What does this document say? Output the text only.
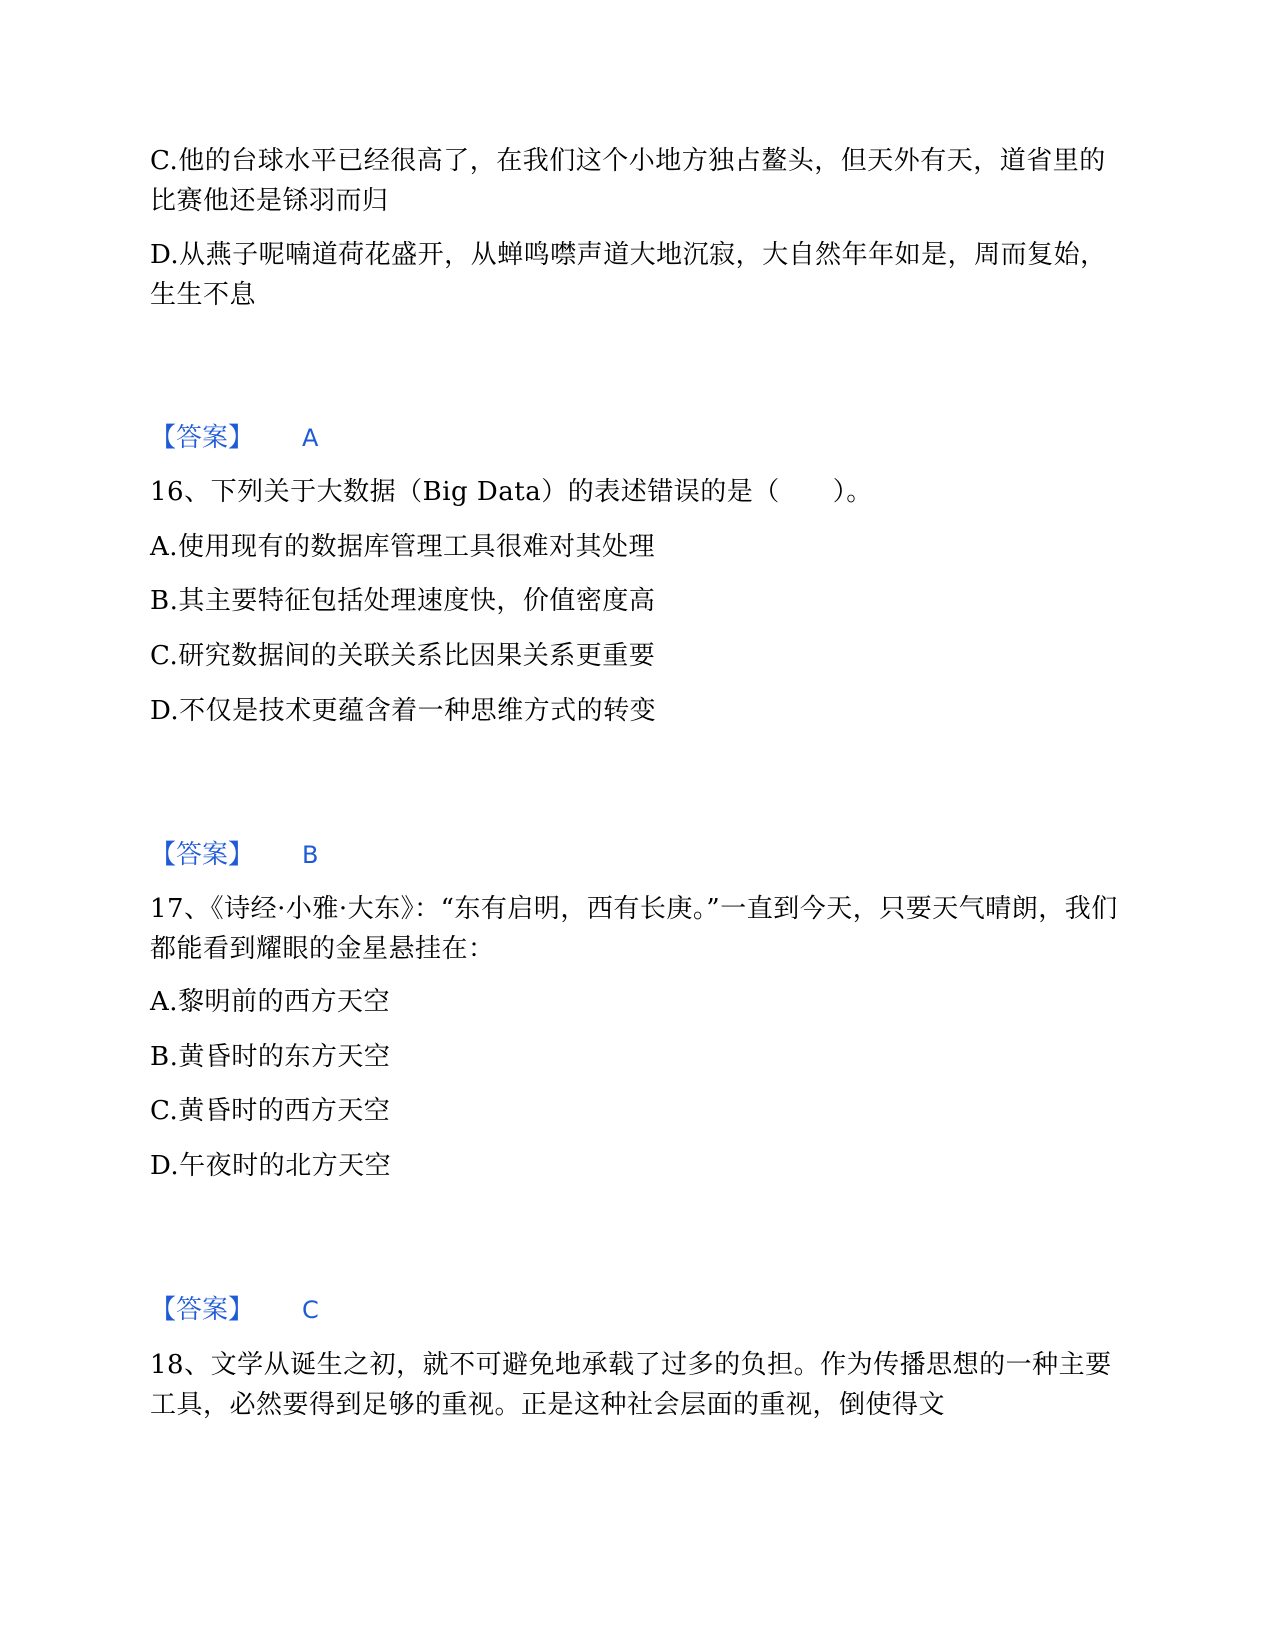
C.他的台球水平已经很高了，在我们这个小地方独占鳌头，但天外有天，道省里的比赛他还是铩羽而归
D.从燕子呢喃道荷花盛开，从蝉鸣噤声道大地沉寂，大自然年年如是，周而复始，生生不息
【答案】 A
16、下列关于大数据（Big Data）的表述错误的是（　　）。
A.使用现有的数据库管理工具很难对其处理
B.其主要特征包括处理速度快，价值密度高
C.研究数据间的关联关系比因果关系更重要
D.不仅是技术更蕴含着一种思维方式的转变
【答案】 B
17、《诗经·小雅·大东》：“东有启明，西有长庚。”一直到今天，只要天气晴朗，我们都能看到耀眼的金星悬挂在：
A.黎明前的西方天空
B.黄昏时的东方天空
C.黄昏时的西方天空
D.午夜时的北方天空
【答案】 C
18、文学从诞生之初，就不可避免地承载了过多的负担。作为传播思想的一种主要工具，必然要得到足够的重视。正是这种社会层面的重视，倒使得文
